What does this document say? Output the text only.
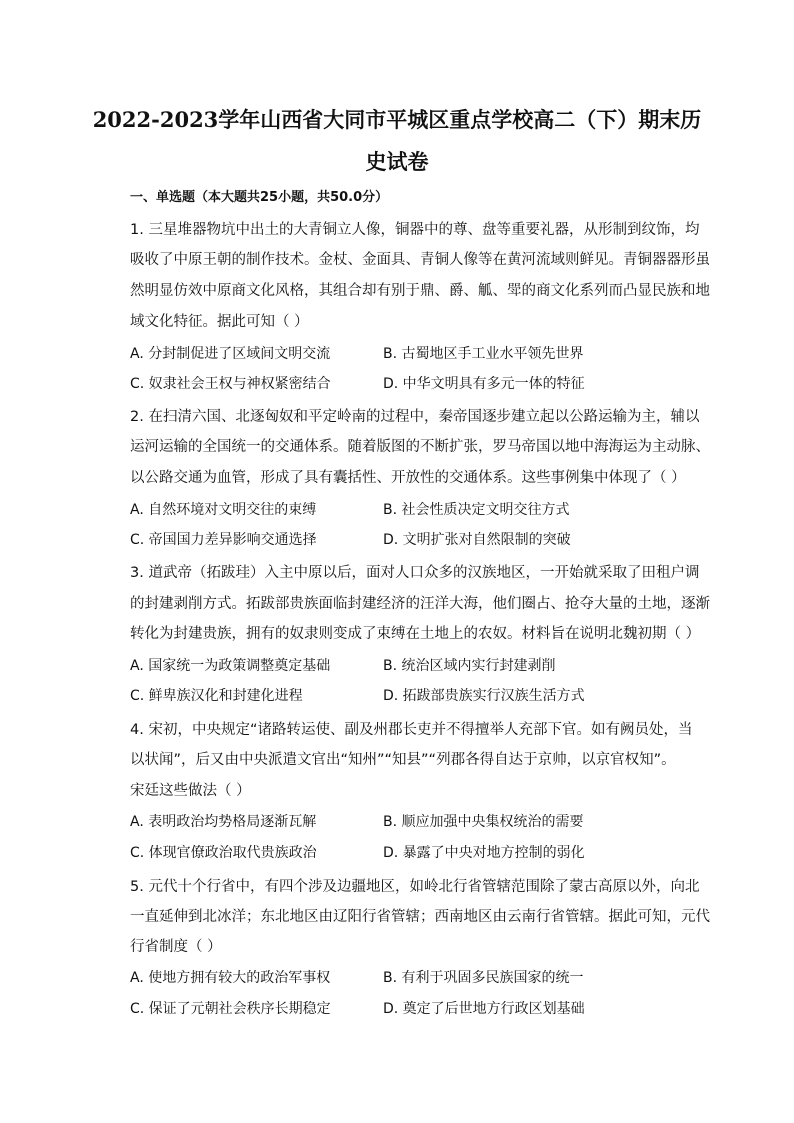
2022-2023学年山西省大同市平城区重点学校高二（下）期末历
史试卷
一、单选题（本大题共25小题，共50.0分）
1. 三星堆器物坑中出土的大青铜立人像，铜器中的尊、盘等重要礼器，从形制到纹饰，均
吸收了中原王朝的制作技术。金杖、金面具、青铜人像等在黄河流域则鲜见。青铜器器形虽
然明显仿效中原商文化风格，其组合却有别于鼎、爵、觚、斝的商文化系列而凸显民族和地
域文化特征。据此可知（ ）
A. 分封制促进了区域间文明交流	B. 古蜀地区手工业水平领先世界
C. 奴隶社会王权与神权紧密结合	D. 中华文明具有多元一体的特征
2. 在扫清六国、北逐匈奴和平定岭南的过程中，秦帝国逐步建立起以公路运输为主，辅以
运河运输的全国统一的交通体系。随着版图的不断扩张，罗马帝国以地中海海运为主动脉、
以公路交通为血管，形成了具有囊括性、开放性的交通体系。这些事例集中体现了（ ）
A. 自然环境对文明交往的束缚	B. 社会性质决定文明交往方式
C. 帝国国力差异影响交通选择	D. 文明扩张对自然限制的突破
3. 道武帝（拓跋珪）入主中原以后，面对人口众多的汉族地区，一开始就采取了田租户调
的封建剥削方式。拓跋部贵族面临封建经济的汪洋大海，他们圈占、抢夺大量的土地，逐渐
转化为封建贵族，拥有的奴隶则变成了束缚在土地上的农奴。材料旨在说明北魏初期（ ）
A. 国家统一为政策调整奠定基础	B. 统治区域内实行封建剥削
C. 鲜卑族汉化和封建化进程	D. 拓跋部贵族实行汉族生活方式
4. 宋初，中央规定“诸路转运使、副及州郡长吏并不得擅举人充部下官。如有阙员处，当
以状闻”，后又由中央派遣文官出“知州”“知县”“列郡各得自达于京帅，以京官权知”。
宋廷这些做法（ ）
A. 表明政治均势格局逐渐瓦解	B. 顺应加强中央集权统治的需要
C. 体现官僚政治取代贵族政治	D. 暴露了中央对地方控制的弱化
5. 元代十个行省中，有四个涉及边疆地区，如岭北行省管辖范围除了蒙古高原以外，向北
一直延伸到北冰洋；东北地区由辽阳行省管辖；西南地区由云南行省管辖。据此可知，元代
行省制度（ ）
A. 使地方拥有较大的政治军事权	B. 有利于巩固多民族国家的统一
C. 保证了元朝社会秩序长期稳定	D. 奠定了后世地方行政区划基础
